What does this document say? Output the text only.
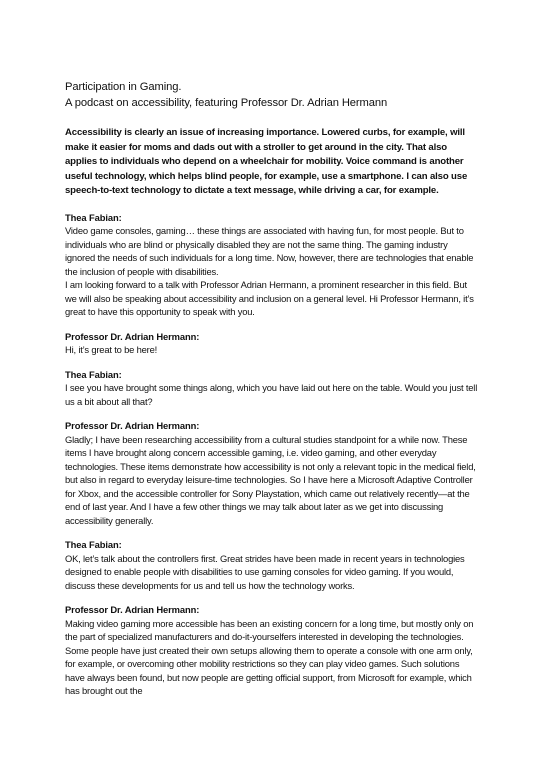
Participation in Gaming.
A podcast on accessibility, featuring Professor Dr. Adrian Hermann

Accessibility is clearly an issue of increasing importance. Lowered curbs, for example, will make it easier for moms and dads out with a stroller to get around in the city. That also applies to individuals who depend on a wheelchair for mobility. Voice command is another useful technology, which helps blind people, for example, use a smartphone. I can also use speech-to-text technology to dictate a text message, while driving a car, for example.

Thea Fabian:

Video game consoles, gaming… these things are associated with having fun, for most people. But to individuals who are blind or physically disabled they are not the same thing. The gaming industry ignored the needs of such individuals for a long time. Now, however, there are technologies that enable the inclusion of people with disabilities.

I am looking forward to a talk with Professor Adrian Hermann, a prominent researcher in this field. But we will also be speaking about accessibility and inclusion on a general level. Hi Professor Hermann, it’s great to have this opportunity to speak with you.

Professor Dr. Adrian Hermann:

Hi, it’s great to be here!

Thea Fabian:

I see you have brought some things along, which you have laid out here on the table. Would you just tell us a bit about all that?

Professor Dr. Adrian Hermann:

Gladly; I have been researching accessibility from a cultural studies standpoint for a while now. These items I have brought along concern accessible gaming, i.e. video gaming, and other everyday technologies. These items demonstrate how accessibility is not only a relevant topic in the medical field, but also in regard to everyday leisure-time technologies. So I have here a Microsoft Adaptive Controller for Xbox, and the accessible controller for Sony Playstation, which came out relatively recently—at the end of last year. And I have a few other things we may talk about later as we get into discussing accessibility generally.

Thea Fabian:

OK, let’s talk about the controllers first. Great strides have been made in recent years in technologies designed to enable people with disabilities to use gaming consoles for video gaming. If you would, discuss these developments for us and tell us how the technology works.

Professor Dr. Adrian Hermann:

Making video gaming more accessible has been an existing concern for a long time, but mostly only on the part of specialized manufacturers and do-it-yourselfers interested in developing the technologies. Some people have just created their own setups allowing them to operate a console with one arm only, for example, or overcoming other mobility restrictions so they can play video games. Such solutions have always been found, but now people are getting official support, from Microsoft for example, which has brought out the
